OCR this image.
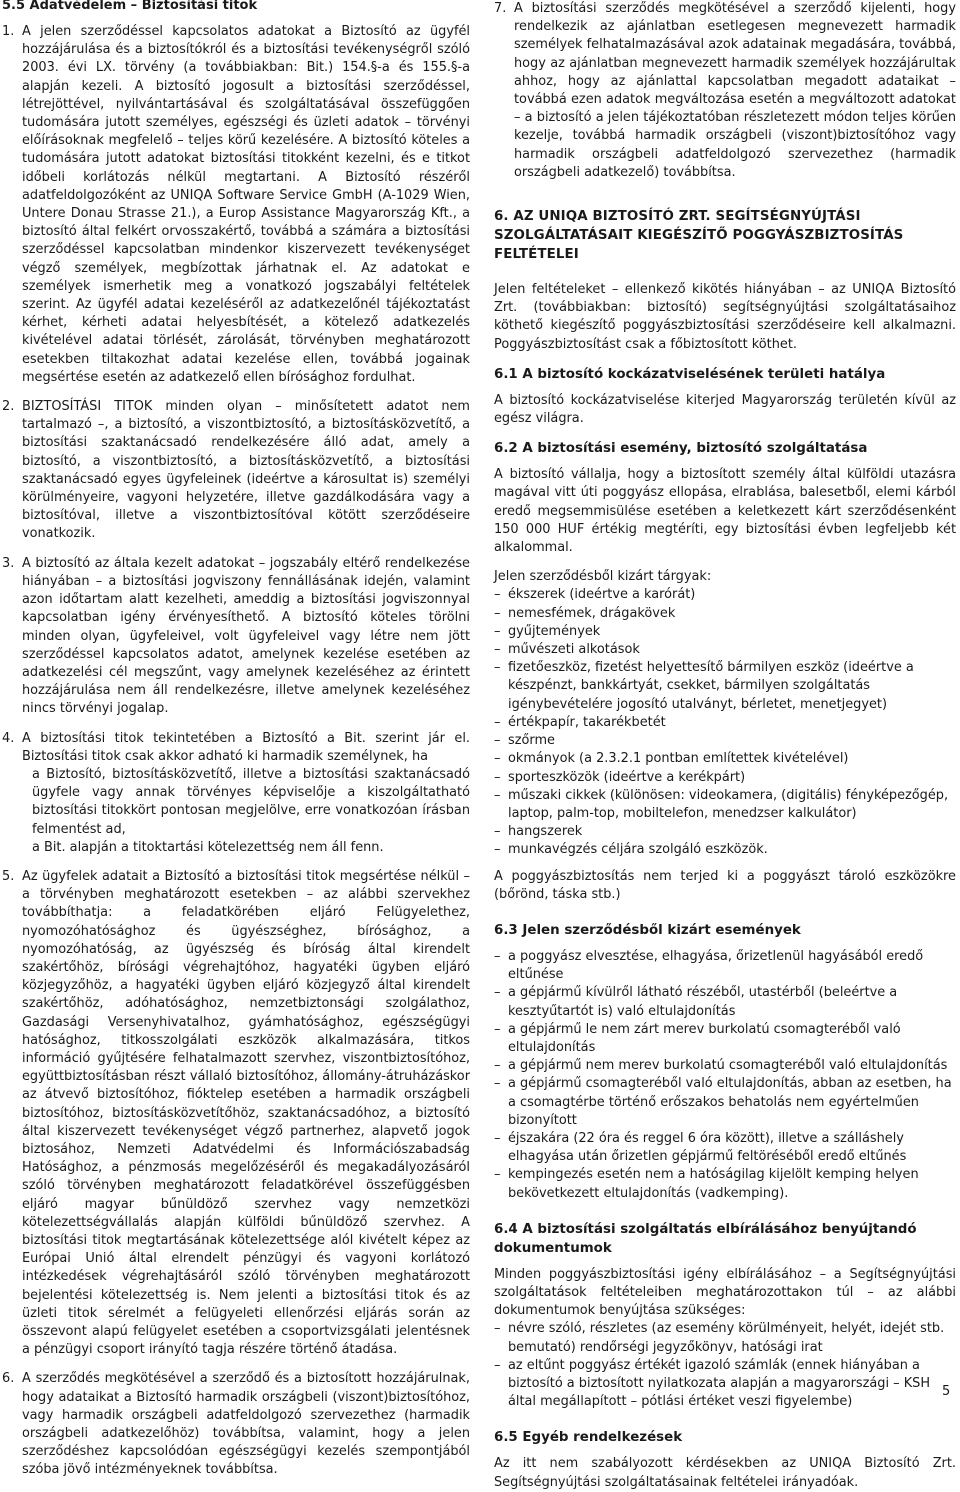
5.5 Adatvédelem – Biztosítási titok
1. A jelen szerződéssel kapcsolatos adatokat a Biztosító az ügyfél hozzájárulása és a biztosítókról és a biztosítási tevékenységről szóló 2003. évi LX. törvény (a továbbiakban: Bit.) 154.§-a és 155.§-a alapján kezeli. A biztosító jogosult a biztosítási szerződéssel, létrejöttével, nyilvántartásával és szolgáltatásával összefüggően tudomására jutott személyes, egészségi és üzleti adatok – törvényi előírásoknak megfelelő – teljes körű kezelésére. A biztosító köteles a tudomására jutott adatokat biztosítási titokként kezelni, és e titkot időbeli korlátozás nélkül megtartani. A Biztosító részéről adatfeldolgozóként az UNIQA Software Service GmbH (A-1029 Wien, Untere Donau Strasse 21.), a Europ Assistance Magyarország Kft., a biztosító által felkért orvosszakértő, továbbá a számára a biztosítási szerződéssel kapcsolatban mindenkor kiszervezett tevékenységet végző személyek, megbízottak járhatnak el. Az adatokat e személyek ismerhetik meg a vonatkozó jogszabályi feltételek szerint. Az ügyfél adatai kezeléséről az adatkezelőnél tájékoztatást kérhet, kérheti adatai helyesbítését, a kötelező adatkezelés kivételével adatai törlését, zárolását, törvényben meghatározott esetekben tiltakozhat adatai kezelése ellen, továbbá jogainak megsértése esetén az adatkezelő ellen bírósághoz fordulhat.
2. BIZTOSÍTÁSI TITOK minden olyan – minősítetett adatot nem tartalmazó –, a biztosító, a viszontbiztosító, a biztosításközvetítő, a biztosítási szaktanácsadó rendelkezésére álló adat, amely a biztosító, a viszontbiztosító, a biztosításközvetítő, a biztosítási szaktanácsadó egyes ügyfeleinek (ideértve a károsultat is) személyi körülményeire, vagyoni helyzetére, illetve gazdálkodására vagy a biztosítóval, illetve a viszontbiztosítóval kötött szerződéseire vonatkozik.
3. A biztosító az általa kezelt adatokat – jogszabály eltérő rendelkezése hiányában – a biztosítási jogviszony fennállásának idején, valamint azon időtartam alatt kezelheti, ameddig a biztosítási jogviszonnyal kapcsolatban igény érvényesíthető. A biztosító köteles törölni minden olyan, ügyfeleivel, volt ügyfeleivel vagy létre nem jött szerződéssel kapcsolatos adatot, amelynek kezelése esetében az adatkezelési cél megszűnt, vagy amelynek kezeléséhez az érintett hozzájárulása nem áll rendelkezésre, illetve amelynek kezeléséhez nincs törvényi jogalap.
4. A biztosítási titok tekintetében a Biztosító a Bit. szerint jár el. Biztosítási titok csak akkor adható ki harmadik személynek, ha
a Biztosító, biztosításközvetítő, illetve a biztosítási szaktanácsadó ügyfele vagy annak törvényes képviselője a kiszolgáltatható biztosítási titokkört pontosan megjelölve, erre vonatkozóan írásban felmentést ad,
a Bit. alapján a titoktartási kötelezettség nem áll fenn.
5. Az ügyfelek adatait a Biztosító a biztosítási titok megsértése nélkül – a törvényben meghatározott esetekben – az alábbi szervekhez továbbíthatja: a feladatkörében eljáró Felügyelethez, nyomozóhatósághoz és ügyészséghez, bírósághoz, a nyomozóhatóság, az ügyészség és bíróság által kirendelt szakértőhöz, bírósági végrehajtóhoz, hagyatéki ügyben eljáró közjegyzőhöz, a hagyatéki ügyben eljáró közjegyző által kirendelt szakértőhöz, adóhatósághoz, nemzetbiztonsági szolgálathoz, Gazdasági Versenyhivatalhoz, gyámhatósághoz, egészségügyi hatósághoz, titkosszolgálati eszközök alkalmazására, titkos információ gyűjtésére felhatalmazott szervhez, viszontbiztosítóhoz, együttbiztosításban részt vállaló biztosítóhoz, állomány-átruházáskor az átvevő biztosítóhoz, fióktelep esetében a harmadik országbeli biztosítóhoz, biztosításközvetítőhöz, szaktanácsadóhoz, a biztosító által kiszervezett tevékenységet végző partnerhez, alapvető jogok biztosához, Nemzeti Adatvédelmi és Információszabadság Hatósághoz, a pénzmosás megelőzéséről és megakadályozásáról szóló törvényben meghatározott feladatkörével összefüggésben eljáró magyar bűnüldöző szervhez vagy nemzetközi kötelezettségvállalás alapján külföldi bűnüldöző szervhez. A biztosítási titok megtartásának kötelezettsége alól kivételt képez az Európai Unió által elrendelt pénzügyi és vagyoni korlátozó intézkedések végrehajtásáról szóló törvényben meghatározott bejelentési kötelezettség is. Nem jelenti a biztosítási titok és az üzleti titok sérelmét a felügyeleti ellenőrzési eljárás során az összevont alapú felügyelet esetében a csoportvizsgálati jelentésnek a pénzügyi csoport irányító tagja részére történő átadása.
6. A szerződés megkötésével a szerződő és a biztosított hozzájárulnak, hogy adataikat a Biztosító harmadik országbeli (viszont)biztosítóhoz, vagy harmadik országbeli adatfeldolgozó szervezethez (harmadik országbeli adatkezelőhöz) továbbítsa, valamint, hogy a jelen szerződéshez kapcsolódóan egészségügyi kezelés szempontjából szóba jövő intézményeknek továbbítsa.
7. A biztosítási szerződés megkötésével a szerződő kijelenti, hogy rendelkezik az ajánlatban esetlegesen megnevezett harmadik személyek felhatalmazásával azok adatainak megadására, továbbá, hogy az ajánlatban megnevezett harmadik személyek hozzájárultak ahhoz, hogy az ajánlattal kapcsolatban megadott adataikat – továbbá ezen adatok megváltozása esetén a megváltozott adatokat – a biztosító a jelen tájékoztatóban részletezett módon teljes körűen kezelje, továbbá harmadik országbeli (viszont)biztosítóhoz vagy harmadik országbeli adatfeldolgozó szervezethez (harmadik országbeli adatkezelő) továbbítsa.
6. AZ UNIQA BIZTOSÍTÓ ZRT. SEGÍTSÉGNYÚJTÁSI SZOLGÁLTATÁSAIT KIEGÉSZÍTŐ POGGYÁSZBIZTOSÍTÁS FELTÉTELEI

Jelen feltételeket – ellenkező kikötés hiányában – az UNIQA Biztosító Zrt. (továbbiakban: biztosító) segítségnyújtási szolgáltatásaihoz köthető kiegészítő poggyászbiztosítási szerződéseire kell alkalmazni. Poggyászbiztosítást csak a főbiztosított köthet.

6.1 A biztosító kockázatviselésének területi hatálya

A biztosító kockázatviselése kiterjed Magyarország területén kívül az egész világra.

6.2 A biztosítási esemény, biztosító szolgáltatása

A biztosító vállalja, hogy a biztosított személy által külföldi utazásra magával vitt úti poggyász ellopása, elrablása, balesetből, elemi kárból eredő megsemmisülése esetében a keletkezett kárt szerződésenként 150 000 HUF értékig megtéríti, egy biztosítási évben legfeljebb két alkalommal.

Jelen szerződésből kizárt tárgyak:

– ékszerek (ideértve a karórát)
– nemesfémek, drágakövek
– gyűjtemények
– művészeti alkotások
– fizetőeszköz, fizetést helyettesítő bármilyen eszköz (ideértve a készpénzt, bankkártyát, csekket, bármilyen szolgáltatás igénybevételére jogosító utalványt, bérletet, menetjegyet)
– értékpapír, takarékbetét
– szőrme
– okmányok (a 2.3.2.1 pontban említettek kivételével)
– sporteszközök (ideértve a kerékpárt)
– műszaki cikkek (különösen: videokamera, (digitális) fényképezőgép, laptop, palm-top, mobiltelefon, menedzser kalkulátor)
– hangszerek
– munkavégzés céljára szolgáló eszközök.

A poggyászbiztosítás nem terjed ki a poggyászt tároló eszközökre (bőrönd, táska stb.)

6.3 Jelen szerződésből kizárt események
– a poggyász elvesztése, elhagyása, őrizetlenül hagyásából eredő eltűnése
– a gépjármű kívülről látható részéből, utastérből (beleértve a kesztyűtartót is) való eltulajdonítás
– a gépjármű le nem zárt merev burkolatú csomagteréből való eltulajdonítás
– a gépjármű nem merev burkolatú csomagteréből való eltulajdonítás
– a gépjármű csomagteréből való eltulajdonítás, abban az esetben, ha a csomagtérbe történő erőszakos behatolás nem egyértelműen bizonyított
– éjszakára (22 óra és reggel 6 óra között), illetve a szálláshely elhagyása után őrizetlen gépjármű feltöréséből eredő eltűnés
– kempingezés esetén nem a hatóságilag kijelölt kemping helyen bekövetkezett eltulajdonítás (vadkemping).
6.4 A biztosítási szolgáltatás elbírálásához benyújtandó dokumentumok

Minden poggyászbiztosítási igény elbírálásához – a Segítségnyújtási szolgáltatások feltételeiben meghatározottakon túl – az alábbi dokumentumok benyújtása szükséges:

– névre szóló, részletes (az esemény körülményeit, helyét, idejét stb. bemutató) rendőrségi jegyzőkönyv, hatósági irat
– az eltűnt poggyász értékét igazoló számlák (ennek hiányában a biztosító a biztosított nyilatkozata alapján a magyarországi – KSH által megállapított – pótlási értéket veszi figyelembe)
6.5 Egyéb rendelkezések

Az itt nem szabályozott kérdésekben az UNIQA Biztosító Zrt. Segítségnyújtási szolgáltatásainak feltételei irányadóak.

5
